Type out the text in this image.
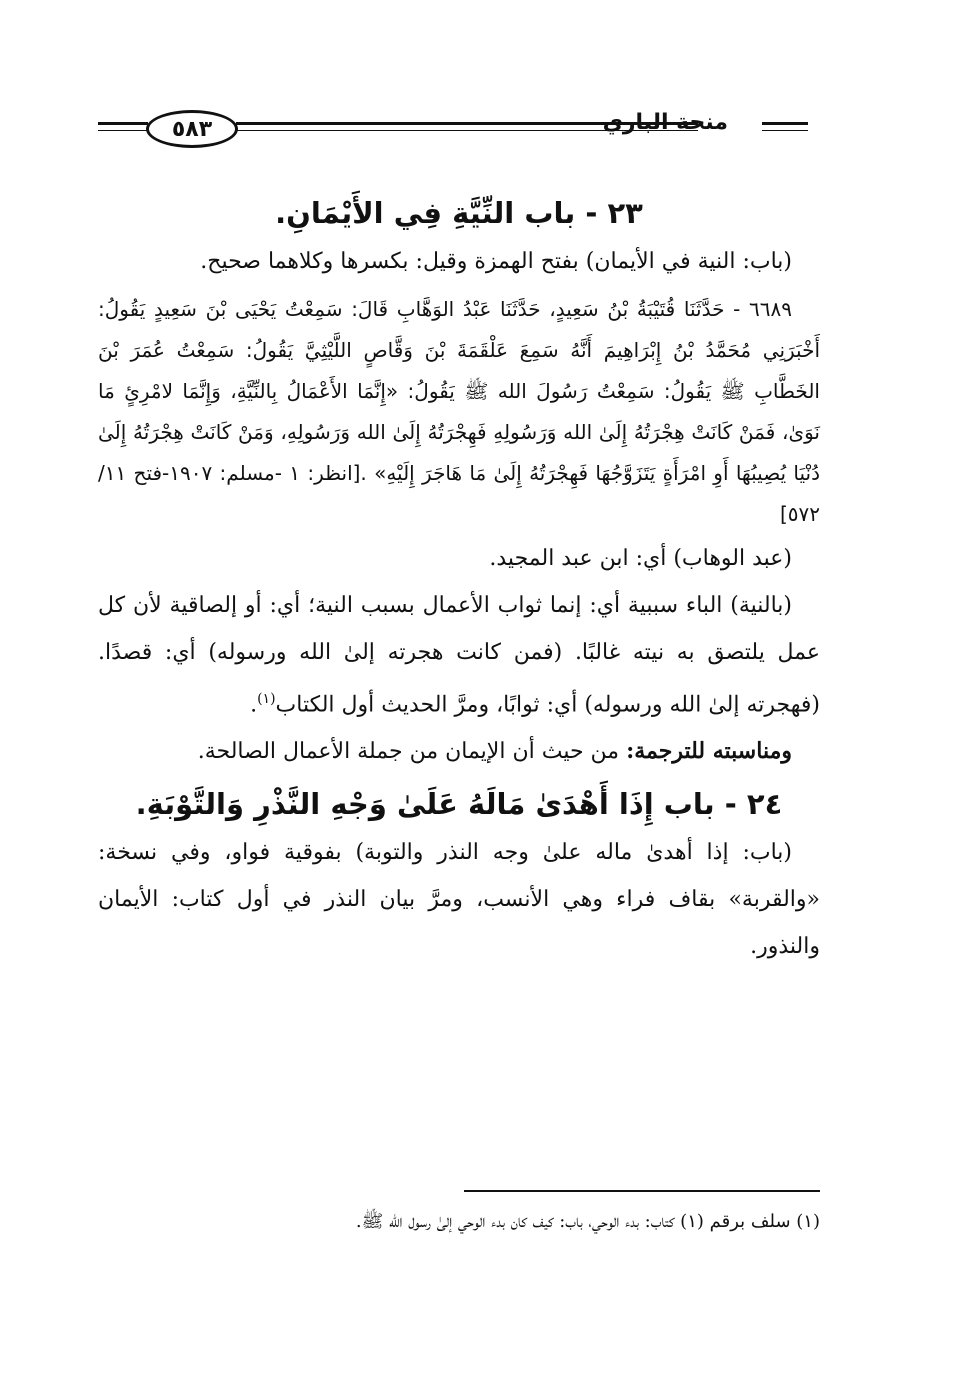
٥٨٣	منحة الباري
٢٣ - باب النِّيَّةِ فِي الأَيْمَانِ.

(باب: النية في الأيمان) بفتح الهمزة وقيل: بكسرها وكلاهما صحيح.

٦٦٨٩ - حَدَّثَنَا قُتَيْبَةُ بْنُ سَعِيدٍ، حَدَّثَنَا عَبْدُ الوَهَّابِ قَالَ: سَمِعْتُ يَحْيَى بْنَ سَعِيدٍ يَقُولُ: أَخْبَرَنِي مُحَمَّدُ بْنُ إِبْرَاهِيمَ أَنَّهُ سَمِعَ عَلْقَمَةَ بْنَ وَقَّاصٍ اللَّيْثِيَّ يَقُولُ: سَمِعْتُ عُمَرَ بْنَ الخَطَّابِ ﷺ يَقُولُ: سَمِعْتُ رَسُولَ الله ﷺ يَقُولُ: «إِنَّمَا الأَعْمَالُ بِالنِّيَّةِ، وَإِنَّمَا لامْرِئٍ مَا نَوَىٰ، فَمَنْ كَانَتْ هِجْرَتُهُ إِلَىٰ الله وَرَسُولِهِ فَهِجْرَتُهُ إِلَىٰ الله وَرَسُولِهِ، وَمَنْ كَانَتْ هِجْرَتُهُ إِلَىٰ دُنْيَا يُصِيبُهَا أَوِ امْرَأَةٍ يَتَزَوَّجُهَا فَهِجْرَتُهُ إِلَىٰ مَا هَاجَرَ إِلَيْهِ» .[انظر: ١ -مسلم: ١٩٠٧-فتح ١١/ ٥٧٢]

(عبد الوهاب) أي: ابن عبد المجيد.

(بالنية) الباء سببية أي: إنما ثواب الأعمال بسبب النية؛ أي: أو إلصاقية لأن كل عمل يلتصق به نيته غالبًا. (فمن كانت هجرته إلىٰ الله ورسوله) أي: قصدًا. (فهجرته إلىٰ الله ورسوله) أي: ثوابًا، ومرَّ الحديث أول الكتاب$^{(١)}$.

ومناسبته للترجمة: من حيث أن الإيمان من جملة الأعمال الصالحة.

٢٤ - باب إِذَا أَهْدَىٰ مَالَهُ عَلَىٰ وَجْهِ النَّذْرِ وَالتَّوْبَةِ.

(باب: إذا أهدىٰ ماله علىٰ وجه النذر والتوبة) بفوقية فواو، وفي نسخة: «والقربة» بقاف فراء وهي الأنسب، ومرَّ بيان النذر في أول كتاب: الأيمان والنذور.

(١) سلف برقم (١) كتاب: بدء الوحي، باب: كيف كان بدء الوحي إلىٰ رسول الله ﷺ.
